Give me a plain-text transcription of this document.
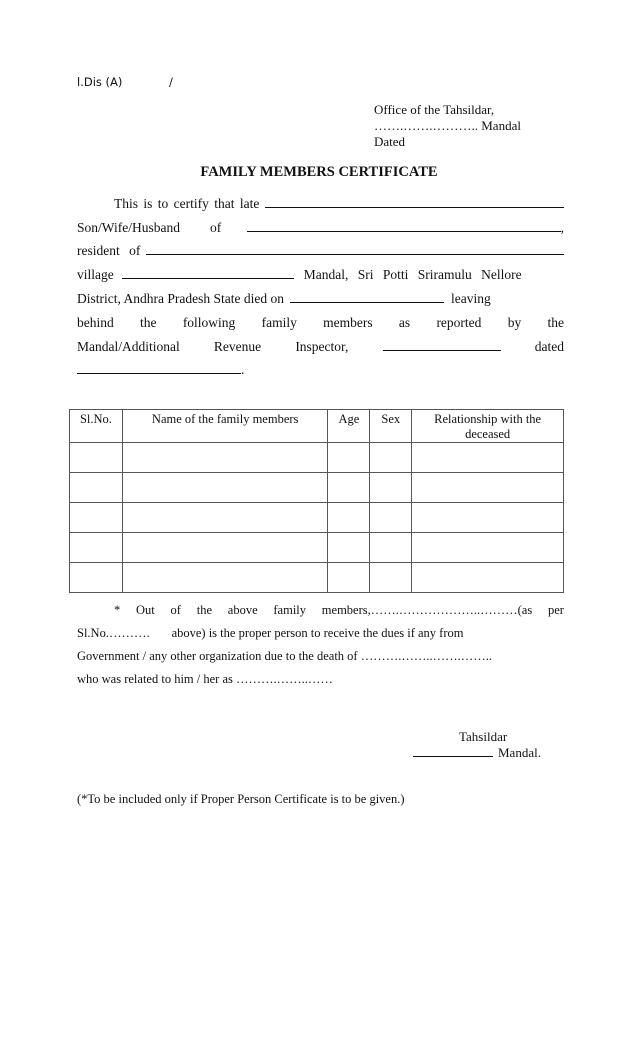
l.Dis (A)	/
Office of the Tahsildar,
…….…….……….. Mandal
Dated
FAMILY MEMBERS CERTIFICATE
This is to certify that late
Son/Wife/Husband of	,
resident of
village	Mandal, Sri Potti Sriramulu Nellore
District, Andhra Pradesh State died on	leaving
behind the following family members as reported by the
Mandal/Additional	Revenue	Inspector,	dated
.
Sl.No.	Name of the family members	Age	Sex	Relationship with the deceased

* Out of the above family members,…….………………..………(as per
Sl.No.………. above) is the proper person to receive the dues if any from
Government / any other organization due to the death of ……….……..…….……..
who was related to him / her as ……….……..……
Tahsildar
Mandal.
(*To be included only if Proper Person Certificate is to be given.)
